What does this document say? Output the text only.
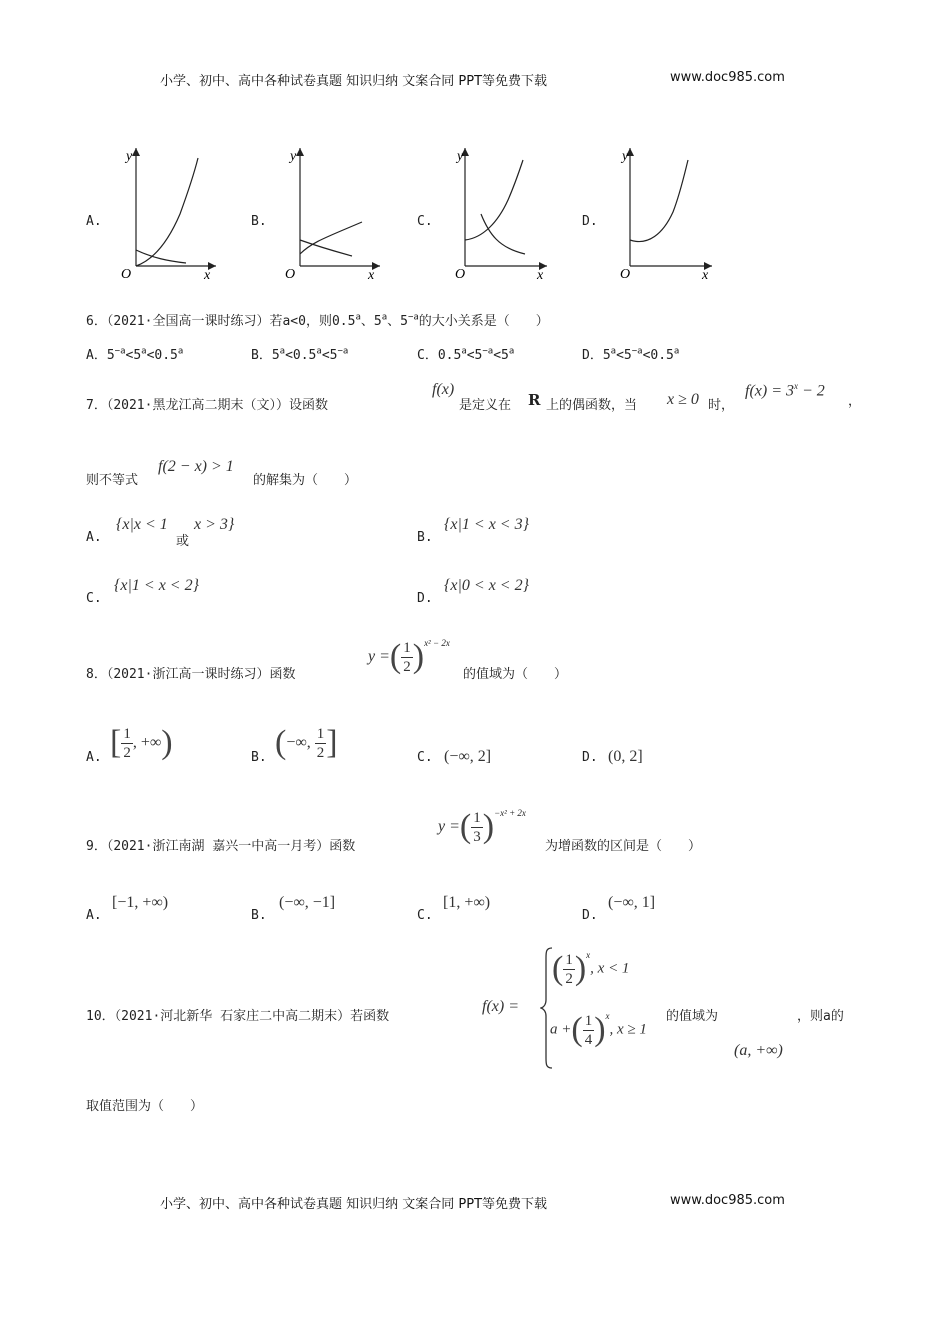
小学、初中、高中各种试卷真题 知识归纳 文案合同 PPT等免费下载	www.doc985.com
A.	B.	C.	D.
y
x
O
y
x
O
y
x
O
y
x
O
6．（2021·全国高一课时练习）若a<0，则0.5$^a$、5$^a$、$5^{-a}$的大小关系是（　　）
A．$5^{-a}<5^a<0.5^a$	B．$5^a<0.5^a<5^{-a}$	C．$0.5^a<5^{-a}<5^a$	D．$5^a<5^{-a}<0.5^a$
7．（2021·黑龙江高二期末（文））设函数
f(x)
是定义在 R 上的偶函数，当 x ≥ 0 时，
$f(x) = 3^x - 2$
，
则不等式
f(2 − x) > 1
的解集为（　　）
A.
{x|x < 1
或
x > 3}
B.
{x|1 < x < 3}
C.
{x|1 < x < 2}
D.
{x|0 < x < 2}
8．（2021·浙江高一课时练习）函数
y =( $\frac{1}{2} )^{x^2 - 2x}$
的值域为（　　）
A. [ $\frac{1}{2}$ , +∞)	B. (−∞, $\frac{1}{2}$ ]	C. (−∞, 2]	D. (0, 2]
9．（2021·浙江南湖 嘉兴一中高一月考）函数
y =( $\frac{1}{3} )^{-x^2 + 2x}$
为增函数的区间是（　　）
A.
[−1, +∞)
B.
(−∞, −1]
C.
[1, +∞)
D.
(−∞, 1]
10．（2021·河北新华 石家庄二中高二期末）若函数
f(x) =
( $\frac{1}{2} )^x$, x < 1
a +( $\frac{1}{4} )^x$, x ≥ 1
的值域为	，则a的
(a, +∞)
取值范围为（　　）
小学、初中、高中各种试卷真题 知识归纳 文案合同 PPT等免费下载	www.doc985.com
